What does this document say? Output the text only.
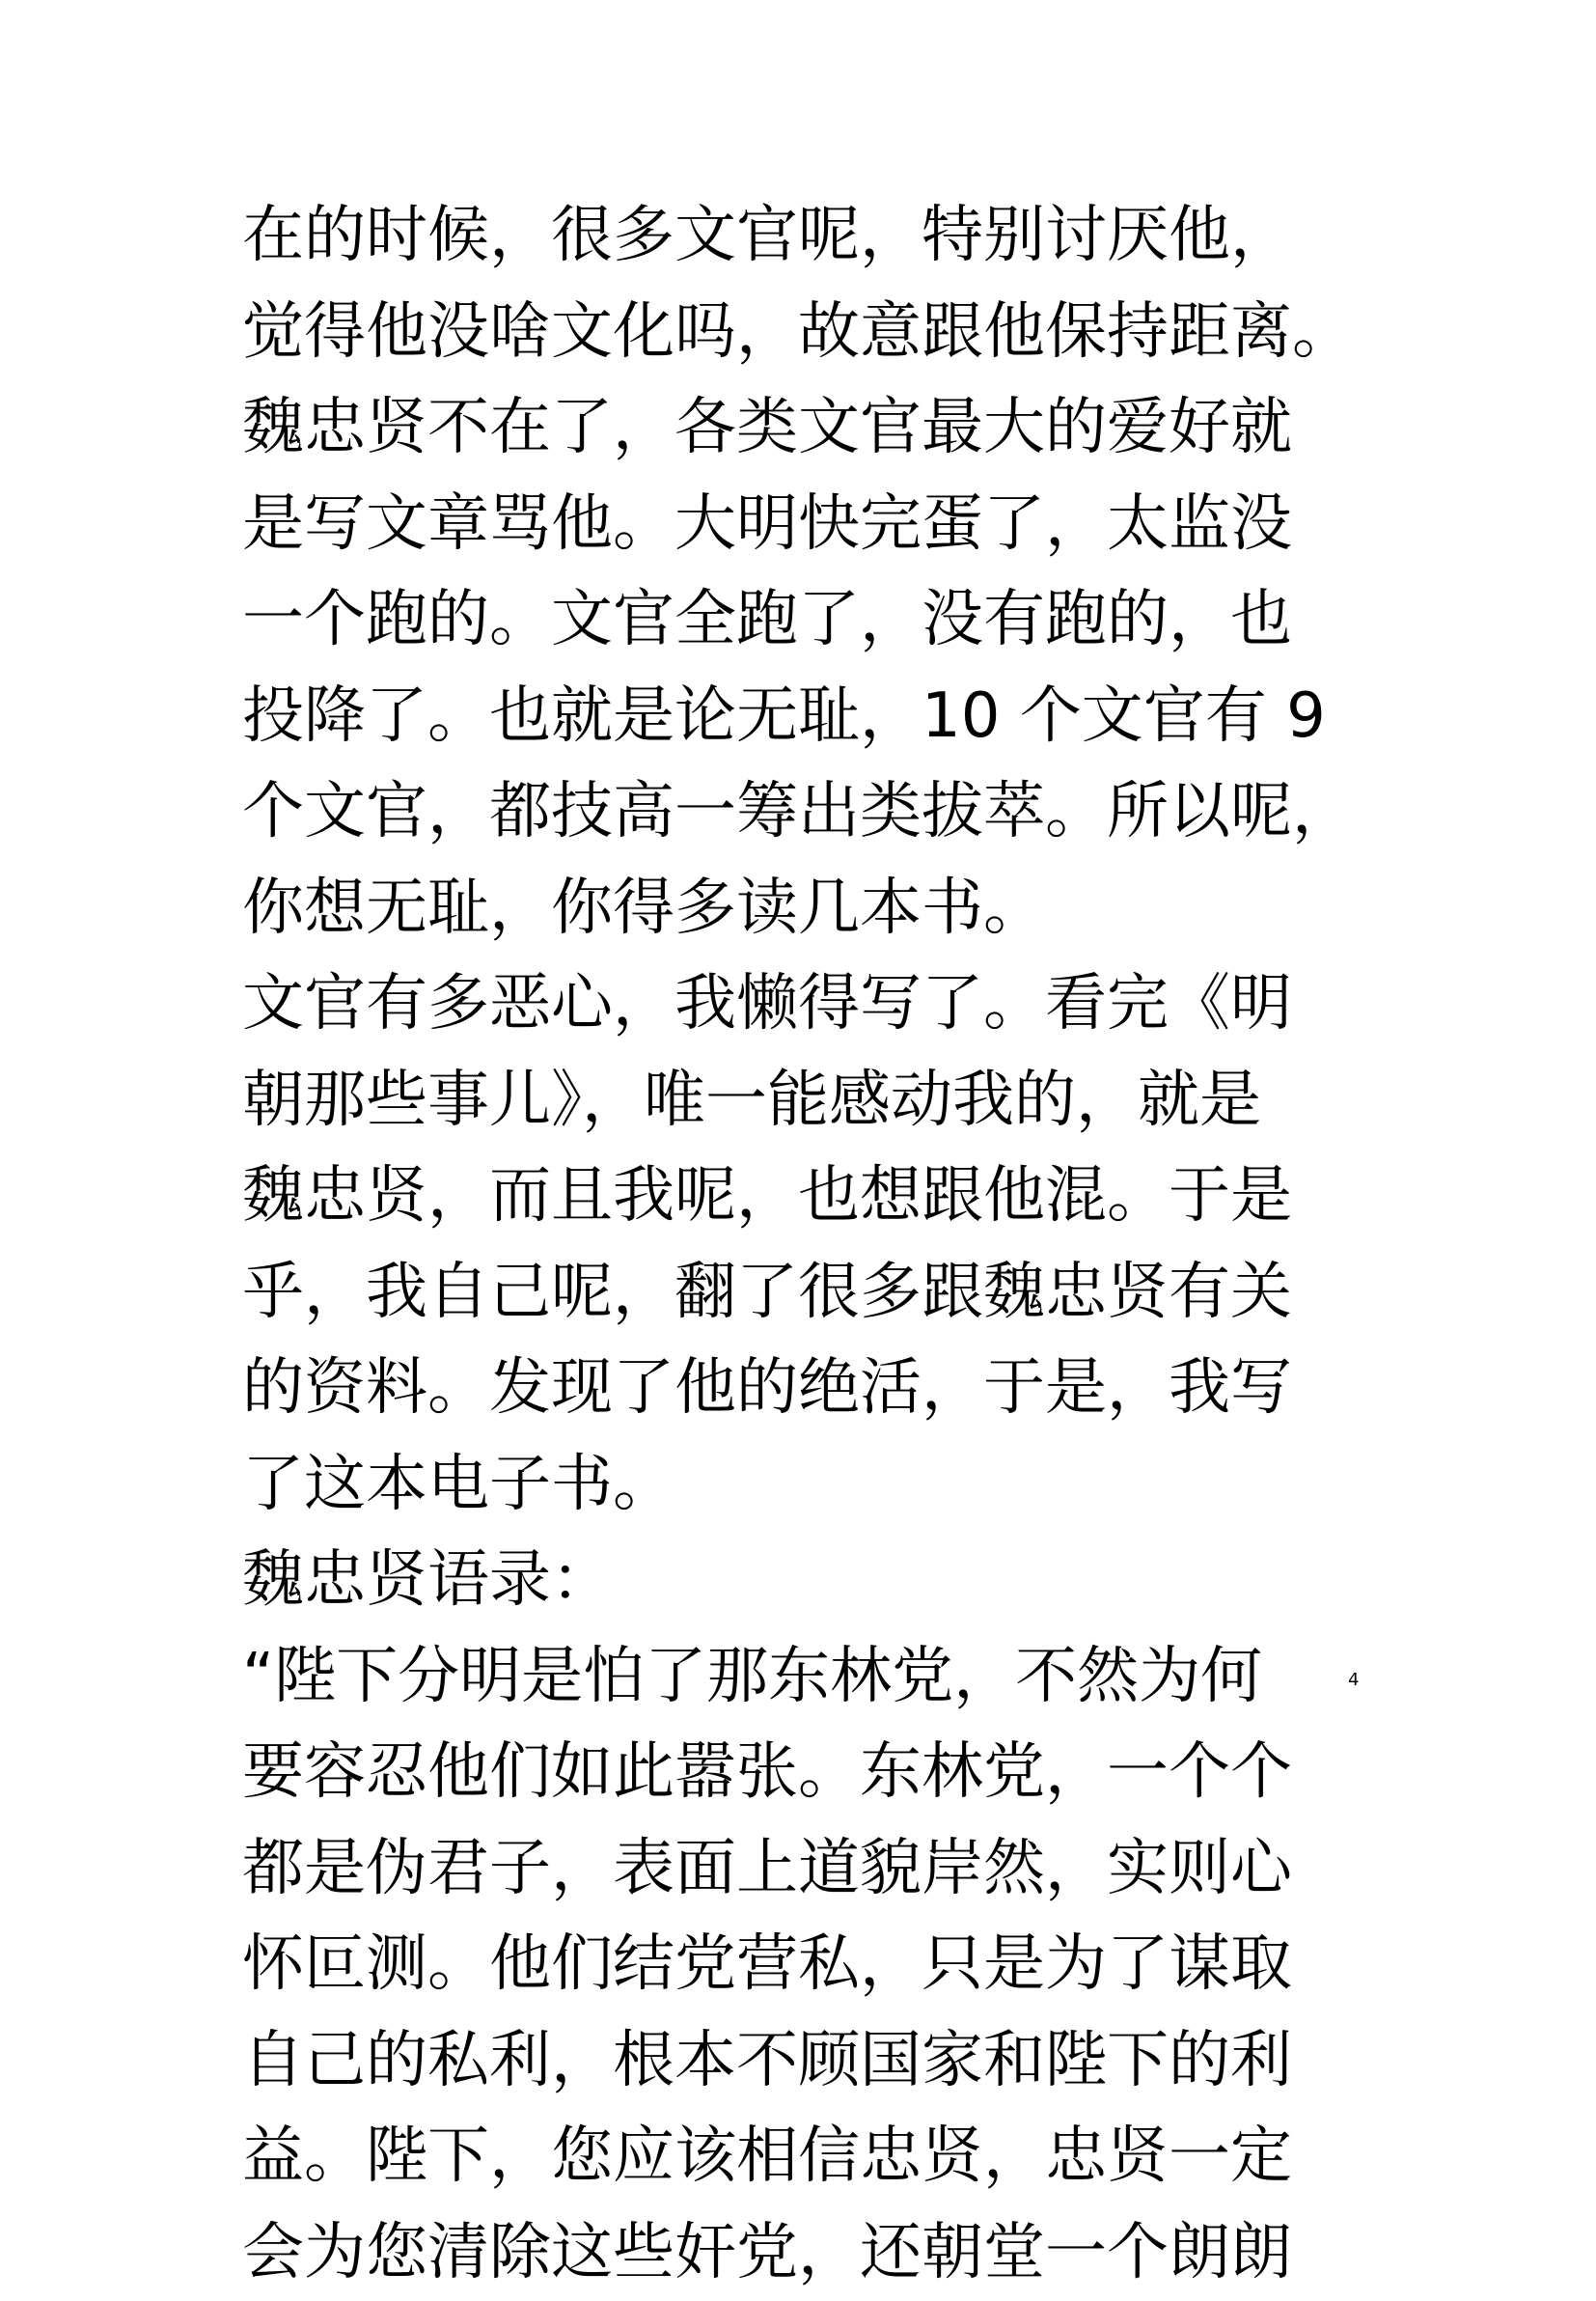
在的时候，很多文官呢，特别讨厌他，
觉得他没啥文化吗，故意跟他保持距离。
魏忠贤不在了，各类文官最大的爱好就
是写文章骂他。大明快完蛋了，太监没
一个跑的。文官全跑了，没有跑的，也
投降了。也就是论无耻，10 个文官有 9
个文官，都技高一筹出类拔萃。所以呢，
你想无耻，你得多读几本书。
文官有多恶心，我懒得写了。看完《明
朝那些事儿》，唯一能感动我的，就是
魏忠贤，而且我呢，也想跟他混。于是
乎，我自己呢，翻了很多跟魏忠贤有关
的资料。发现了他的绝活，于是，我写
了这本电子书。
魏忠贤语录：
“陛下分明是怕了那东林党，不然为何
要容忍他们如此嚣张。东林党，一个个
都是伪君子，表面上道貌岸然，实则心
怀叵测。他们结党营私，只是为了谋取
自己的私利，根本不顾国家和陛下的利
益。陛下，您应该相信忠贤，忠贤一定
会为您清除这些奸党，还朝堂一个朗朗
4
